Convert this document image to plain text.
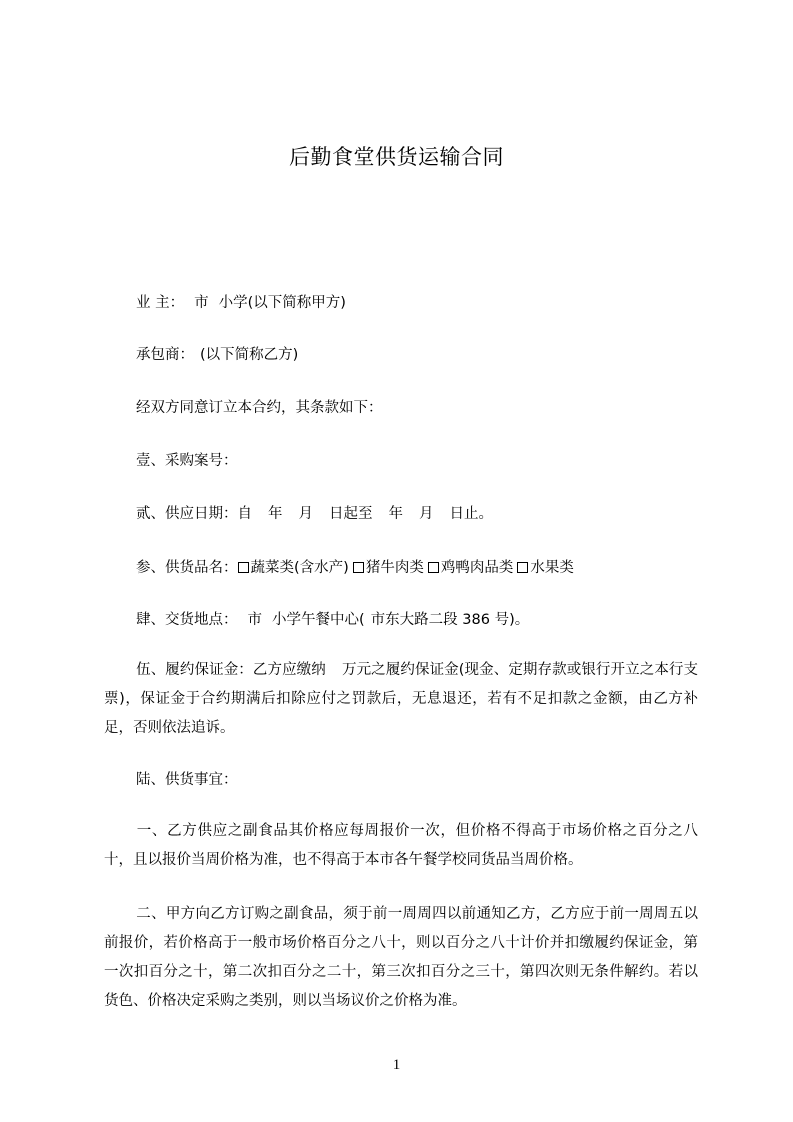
后勤食堂供货运输合同
业 主： 市 小学(以下简称甲方)
承包商： (以下简称乙方)
经双方同意订立本合约，其条款如下：
壹、采购案号：
贰、供应日期：自 年 月 日起至 年 月 日止。
参、供货品名： 蔬菜类(含水产) 猪牛肉类 鸡鸭肉品类 水果类
肆、交货地点： 市 小学午餐中心( 市东大路二段 386 号)。
伍、履约保证金：乙方应缴纳 万元之履约保证金(现金、定期存款或银行开立之本行支票)，保证金于合约期满后扣除应付之罚款后，无息退还，若有不足扣款之金额，由乙方补足，否则依法追诉。
陆、供货事宜：
一、乙方供应之副食品其价格应每周报价一次，但价格不得高于市场价格之百分之八十，且以报价当周价格为准，也不得高于本市各午餐学校同货品当周价格。
二、甲方向乙方订购之副食品，须于前一周周四以前通知乙方，乙方应于前一周周五以前报价，若价格高于一般市场价格百分之八十，则以百分之八十计价并扣缴履约保证金，第一次扣百分之十，第二次扣百分之二十，第三次扣百分之三十，第四次则无条件解约。若以货色、价格决定采购之类别，则以当场议价之价格为准。
1
